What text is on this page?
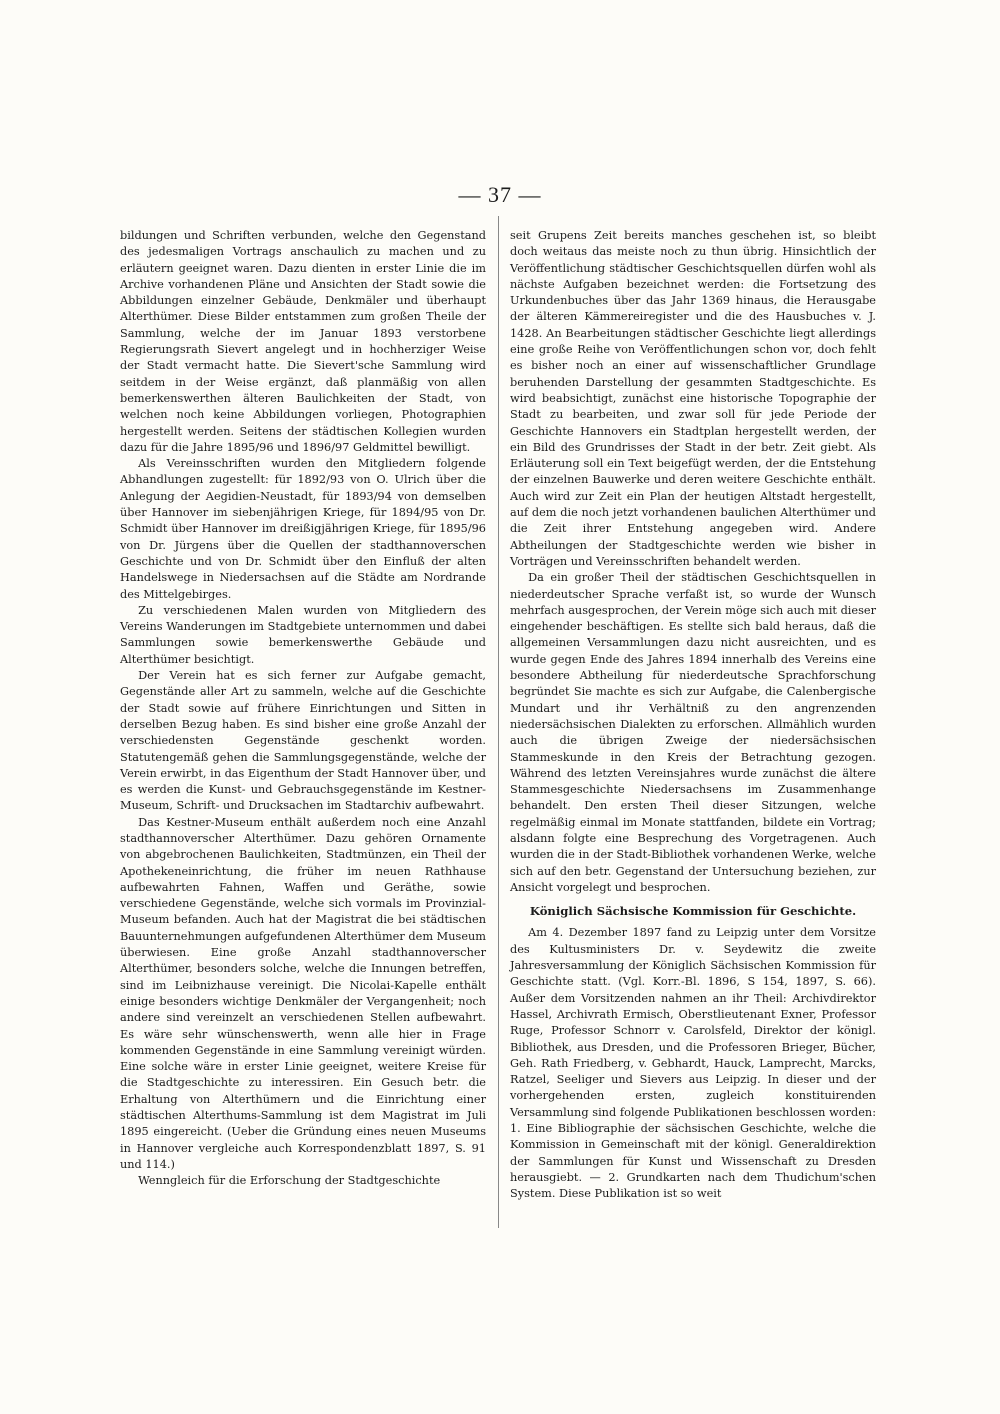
— 37 —

bildungen und Schriften verbunden, welche den Gegenstand des jedesmaligen Vortrags anschaulich zu machen und zu erläutern geeignet waren. Dazu dienten in erster Linie die im Archive vorhandenen Pläne und Ansichten der Stadt sowie die Abbildungen einzelner Gebäude, Denkmäler und überhaupt Alterthümer. Diese Bilder entstammen zum großen Theile der Sammlung, welche der im Januar 1893 verstorbene Regierungsrath Sievert angelegt und in hochherziger Weise der Stadt vermacht hatte. Die Sievert'sche Sammlung wird seitdem in der Weise ergänzt, daß planmäßig von allen bemerkenswerthen älteren Baulichkeiten der Stadt, von welchen noch keine Abbildungen vorliegen, Photographien hergestellt werden. Seitens der städtischen Kollegien wurden dazu für die Jahre 1895/96 und 1896/97 Geldmittel bewilligt.

Als Vereinsschriften wurden den Mitgliedern folgende Abhandlungen zugestellt: für 1892/93 von O. Ulrich über die Anlegung der Aegidien-Neustadt, für 1893/94 von demselben über Hannover im siebenjährigen Kriege, für 1894/95 von Dr. Schmidt über Hannover im dreißigjährigen Kriege, für 1895/96 von Dr. Jürgens über die Quellen der stadthannoverschen Geschichte und von Dr. Schmidt über den Einfluß der alten Handelswege in Niedersachsen auf die Städte am Nordrande des Mittelgebirges.

Zu verschiedenen Malen wurden von Mitgliedern des Vereins Wanderungen im Stadtgebiete unternommen und dabei Sammlungen sowie bemerkenswerthe Gebäude und Alterthümer besichtigt.

Der Verein hat es sich ferner zur Aufgabe gemacht, Gegenstände aller Art zu sammeln, welche auf die Geschichte der Stadt sowie auf frühere Einrichtungen und Sitten in derselben Bezug haben. Es sind bisher eine große Anzahl der verschiedensten Gegenstände geschenkt worden. Statutengemäß gehen die Sammlungsgegenstände, welche der Verein erwirbt, in das Eigenthum der Stadt Hannover über, und es werden die Kunst- und Gebrauchsgegenstände im Kestner-Museum, Schrift- und Drucksachen im Stadtarchiv aufbewahrt.

Das Kestner-Museum enthält außerdem noch eine Anzahl stadthannoverscher Alterthümer. Dazu gehören Ornamente von abgebrochenen Baulichkeiten, Stadtmünzen, ein Theil der Apothekeneinrichtung, die früher im neuen Rathhause aufbewahrten Fahnen, Waffen und Geräthe, sowie verschiedene Gegenstände, welche sich vormals im Provinzial-Museum befanden. Auch hat der Magistrat die bei städtischen Bauunternehmungen aufgefundenen Alterthümer dem Museum überwiesen. Eine große Anzahl stadthannoverscher Alterthümer, besonders solche, welche die Innungen betreffen, sind im Leibnizhause vereinigt. Die Nicolai-Kapelle enthält einige besonders wichtige Denkmäler der Vergangenheit; noch andere sind vereinzelt an verschiedenen Stellen aufbewahrt. Es wäre sehr wünschenswerth, wenn alle hier in Frage kommenden Gegenstände in eine Sammlung vereinigt würden. Eine solche wäre in erster Linie geeignet, weitere Kreise für die Stadtgeschichte zu interessiren. Ein Gesuch betr. die Erhaltung von Alterthümern und die Einrichtung einer städtischen Alterthums-Sammlung ist dem Magistrat im Juli 1895 eingereicht. (Ueber die Gründung eines neuen Museums in Hannover vergleiche auch Korrespondenzblatt 1897, S. 91 und 114.)

Wenngleich für die Erforschung der Stadtgeschichte

seit Grupens Zeit bereits manches geschehen ist, so bleibt doch weitaus das meiste noch zu thun übrig. Hinsichtlich der Veröffentlichung städtischer Geschichtsquellen dürfen wohl als nächste Aufgaben bezeichnet werden: die Fortsetzung des Urkundenbuches über das Jahr 1369 hinaus, die Herausgabe der älteren Kämmereiregister und die des Hausbuches v. J. 1428. An Bearbeitungen städtischer Geschichte liegt allerdings eine große Reihe von Veröffentlichungen schon vor, doch fehlt es bisher noch an einer auf wissenschaftlicher Grundlage beruhenden Darstellung der gesammten Stadtgeschichte. Es wird beabsichtigt, zunächst eine historische Topographie der Stadt zu bearbeiten, und zwar soll für jede Periode der Geschichte Hannovers ein Stadtplan hergestellt werden, der ein Bild des Grundrisses der Stadt in der betr. Zeit giebt. Als Erläuterung soll ein Text beigefügt werden, der die Entstehung der einzelnen Bauwerke und deren weitere Geschichte enthält. Auch wird zur Zeit ein Plan der heutigen Altstadt hergestellt, auf dem die noch jetzt vorhandenen baulichen Alterthümer und die Zeit ihrer Entstehung angegeben wird. Andere Abtheilungen der Stadtgeschichte werden wie bisher in Vorträgen und Vereinsschriften behandelt werden.

Da ein großer Theil der städtischen Geschichtsquellen in niederdeutscher Sprache verfaßt ist, so wurde der Wunsch mehrfach ausgesprochen, der Verein möge sich auch mit dieser eingehender beschäftigen. Es stellte sich bald heraus, daß die allgemeinen Versammlungen dazu nicht ausreichten, und es wurde gegen Ende des Jahres 1894 innerhalb des Vereins eine besondere Abtheilung für niederdeutsche Sprachforschung begründet Sie machte es sich zur Aufgabe, die Calenbergische Mundart und ihr Verhältniß zu den angrenzenden niedersächsischen Dialekten zu erforschen. Allmählich wurden auch die übrigen Zweige der niedersächsischen Stammeskunde in den Kreis der Betrachtung gezogen. Während des letzten Vereinsjahres wurde zunächst die ältere Stammesgeschichte Niedersachsens im Zusammenhange behandelt. Den ersten Theil dieser Sitzungen, welche regelmäßig einmal im Monate stattfanden, bildete ein Vortrag; alsdann folgte eine Besprechung des Vorgetragenen. Auch wurden die in der Stadt-Bibliothek vorhandenen Werke, welche sich auf den betr. Gegenstand der Untersuchung beziehen, zur Ansicht vorgelegt und besprochen.

Königlich Sächsische Kommission für Geschichte.

Am 4. Dezember 1897 fand zu Leipzig unter dem Vorsitze des Kultusministers Dr. v. Seydewitz die zweite Jahresversammlung der Königlich Sächsischen Kommission für Geschichte statt. (Vgl. Korr.-Bl. 1896, S 154, 1897, S. 66). Außer dem Vorsitzenden nahmen an ihr Theil: Archivdirektor Hassel, Archivrath Ermisch, Oberstlieutenant Exner, Professor Ruge, Professor Schnorr v. Carolsfeld, Direktor der königl. Bibliothek, aus Dresden, und die Professoren Brieger, Bücher, Geh. Rath Friedberg, v. Gebhardt, Hauck, Lamprecht, Marcks, Ratzel, Seeliger und Sievers aus Leipzig. In dieser und der vorhergehenden ersten, zugleich konstituirenden Versammlung sind folgende Publikationen beschlossen worden: 1. Eine Bibliographie der sächsischen Geschichte, welche die Kommission in Gemeinschaft mit der königl. Generaldirektion der Sammlungen für Kunst und Wissenschaft zu Dresden herausgiebt. — 2. Grundkarten nach dem Thudichum'schen System. Diese Publikation ist so weit
